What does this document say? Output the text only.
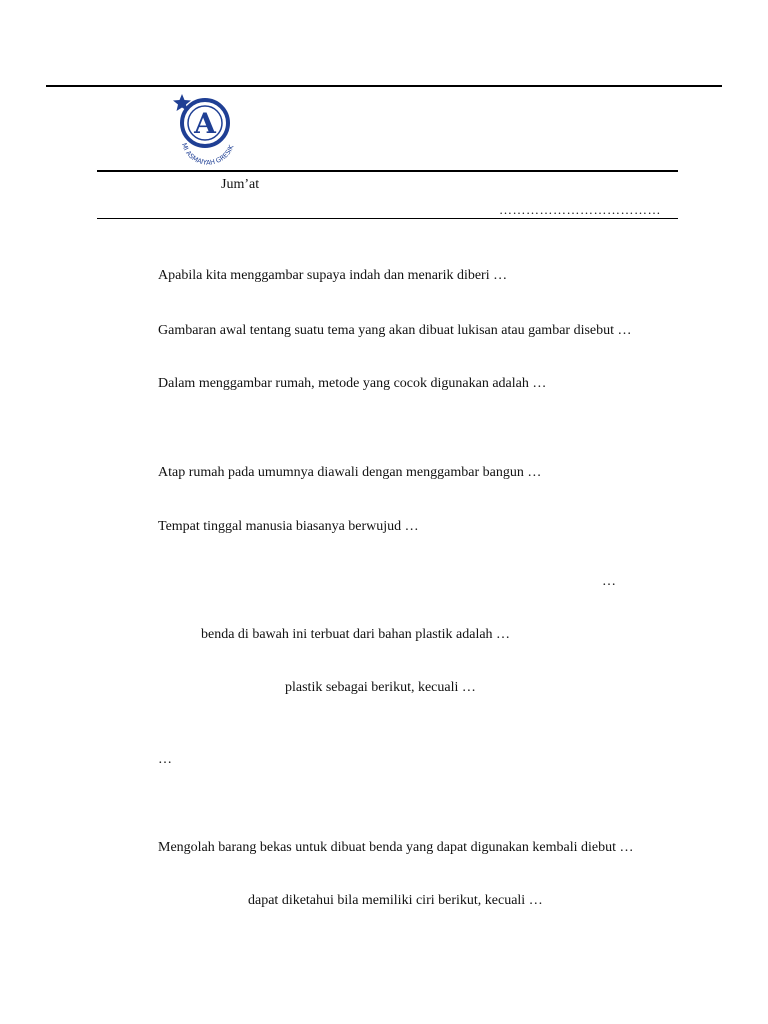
A
MI ASMAIYAH GRESIK
Jum’at
………………………………
Apabila kita menggambar supaya indah dan menarik diberi …
Gambaran awal tentang suatu tema yang akan dibuat lukisan atau gambar disebut …
Dalam menggambar rumah, metode yang cocok digunakan adalah …
Atap rumah pada umumnya diawali dengan menggambar bangun …
Tempat tinggal manusia biasanya berwujud …
…
benda di bawah ini terbuat dari bahan plastik adalah …
plastik sebagai berikut, kecuali …
…
Mengolah barang bekas untuk dibuat benda yang dapat digunakan kembali diebut …
dapat diketahui bila memiliki ciri berikut, kecuali …
